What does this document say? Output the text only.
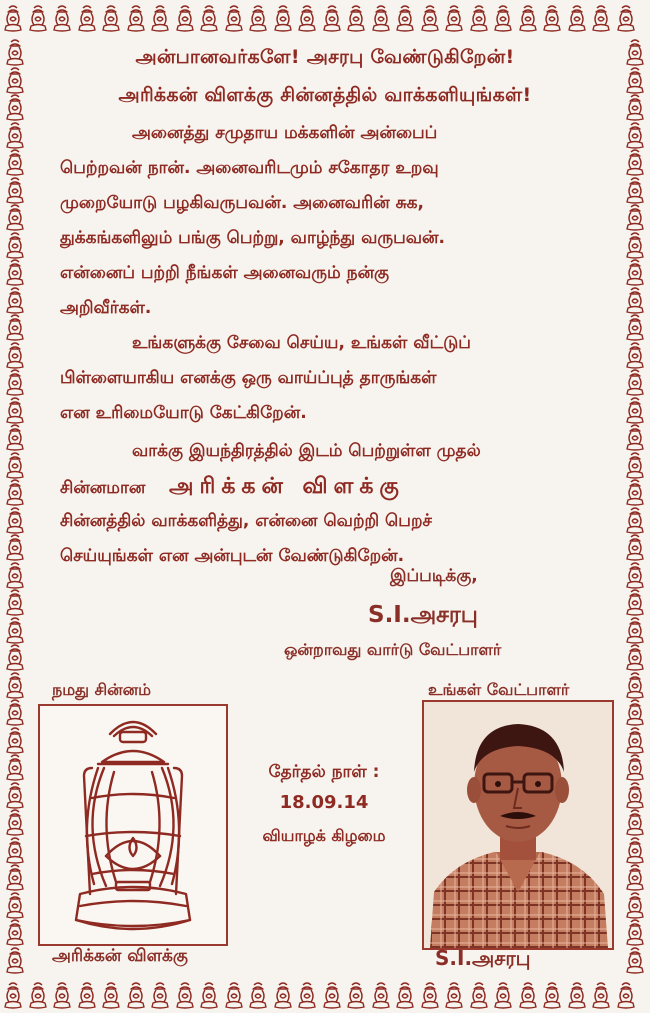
அன்பானவர்களே! அசரபு வேண்டுகிறேன்!
அரிக்கன் விளக்கு சின்னத்தில் வாக்களியுங்கள்!
அனைத்து சமுதாய மக்களின் அன்பைப்
பெற்றவன் நான். அனைவரிடமும் சகோதர உறவு
முறையோடு பழகிவருபவன். அனைவரின் சுக,
துக்கங்களிலும் பங்கு பெற்று, வாழ்ந்து வருபவன்.
என்னைப் பற்றி நீங்கள் அனைவரும் நன்கு
அறிவீர்கள்.
உங்களுக்கு சேவை செய்ய, உங்கள் வீட்டுப்
பிள்ளையாகிய எனக்கு ஒரு வாய்ப்புத் தாருங்கள்
என உரிமையோடு கேட்கிறேன்.
வாக்கு இயந்திரத்தில் இடம் பெற்றுள்ள முதல்
சின்னமான அரிக்கன் விளக்கு
சின்னத்தில் வாக்களித்து, என்னை வெற்றி பெறச்
செய்யுங்கள் என அன்புடன் வேண்டுகிறேன்.
இப்படிக்கு,
S.I.அசரபு
ஒன்றாவது வார்டு வேட்பாளர்
நமது சின்னம்	உங்கள் வேட்பாளர்
தேர்தல் நாள் :
18.09.14
வியாழக் கிழமை
அரிக்கன் விளக்கு	S.I.அசரபு
